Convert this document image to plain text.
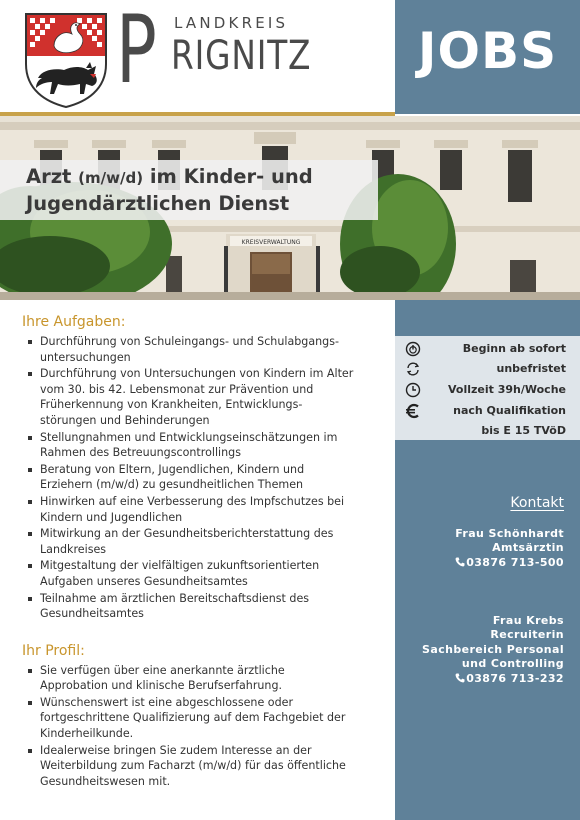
LANDKREIS
P RIGNITZ	JOBS
KREISVERWALTUNG
Arzt (m/w/d) im Kinder- und
Jugendärztlichen Dienst
Ihre Aufgaben:
Durchführung von Schuleingangs- und Schulabgangs-
untersuchungen
Durchführung von Untersuchungen von Kindern im Alter
vom 30. bis 42. Lebensmonat zur Prävention und
Früherkennung von Krankheiten, Entwicklungs-
störungen und Behinderungen
Stellungnahmen und Entwicklungseinschätzungen im
Rahmen des Betreuungscontrollings
Beratung von Eltern, Jugendlichen, Kindern und
Erziehern (m/w/d) zu gesundheitlichen Themen
Hinwirken auf eine Verbesserung des Impfschutzes bei
Kindern und Jugendlichen
Mitwirkung an der Gesundheitsberichterstattung des
Landkreises
Mitgestaltung der vielfältigen zukunftsorientierten
Aufgaben unseres Gesundheitsamtes
Teilnahme am ärztlichen Bereitschaftsdienst des
Gesundheitsamtes
Ihr Profil:
Sie verfügen über eine anerkannte ärztliche
Approbation und klinische Berufserfahrung.
Wünschenswert ist eine abgeschlossene oder
fortgeschrittene Qualifizierung auf dem Fachgebiet der
Kinderheilkunde.
Idealerweise bringen Sie zudem Interesse an der
Weiterbildung zum Facharzt (m/w/d) für das öffentliche
Gesundheitswesen mit.
Beginn ab sofort
unbefristet
Vollzeit 39h/Woche
nach Qualifikation
bis E 15 TVöD
Kontakt
Frau Schönhardt
Amtsärztin
03876 713-500
Frau Krebs
Recruiterin
Sachbereich Personal
und Controlling
03876 713-232
